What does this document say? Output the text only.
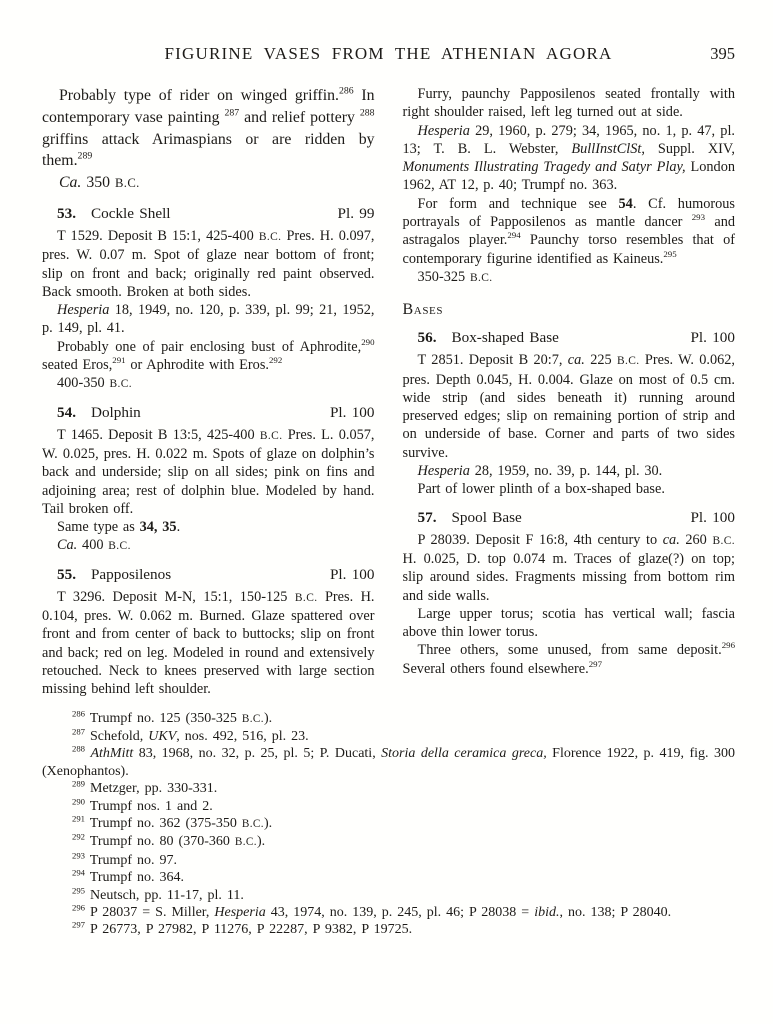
FIGURINE VASES FROM THE ATHENIAN AGORA	395

Probably type of rider on winged griffin.$^{286}$ In contemporary vase painting $^{287}$ and relief pottery $^{288}$ griffins attack Arimaspians or are ridden by them.$^{289}$

Ca. 350 B.C.

53. Cockle Shell	Pl. 99

T 1529. Deposit B 15:1, 425-400 B.C. Pres. H. 0.097, pres. W. 0.07 m. Spot of glaze near bottom of front; slip on front and back; originally red paint observed. Back smooth. Broken at both sides.

Hesperia 18, 1949, no. 120, p. 339, pl. 99; 21, 1952, p. 149, pl. 41.

Probably one of pair enclosing bust of Aphrodite,$^{290}$ seated Eros,$^{291}$ or Aphrodite with Eros.$^{292}$

400-350 B.C.

54. Dolphin	Pl. 100

T 1465. Deposit B 13:5, 425-400 B.C. Pres. L. 0.057, W. 0.025, pres. H. 0.022 m. Spots of glaze on dolphin’s back and underside; slip on all sides; pink on fins and adjoining area; rest of dolphin blue. Modeled by hand. Tail broken off.

Same type as 34, 35.

Ca. 400 B.C.

55. Papposilenos	Pl. 100

T 3296. Deposit M-N, 15:1, 150-125 B.C. Pres. H. 0.104, pres. W. 0.062 m. Burned. Glaze spattered over front and from center of back to buttocks; slip on front and back; red on leg. Modeled in round and extensively retouched. Neck to knees preserved with large section missing behind left shoulder.

Furry, paunchy Papposilenos seated frontally with right shoulder raised, left leg turned out at side.

Hesperia 29, 1960, p. 279; 34, 1965, no. 1, p. 47, pl. 13; T. B. L. Webster, BullInstClSt, Suppl. XIV, Monuments Illustrating Tragedy and Satyr Play, London 1962, AT 12, p. 40; Trumpf no. 363.

For form and technique see 54. Cf. humorous portrayals of Papposilenos as mantle dancer $^{293}$ and astragalos player.$^{294}$ Paunchy torso resembles that of contemporary figurine identified as Kaineus.$^{295}$

350-325 B.C.

Bases
56. Box-shaped Base	Pl. 100

T 2851. Deposit B 20:7, ca. 225 B.C. Pres. W. 0.062, pres. Depth 0.045, H. 0.004. Glaze on most of 0.5 cm. wide strip (and sides beneath it) running around preserved edges; slip on remaining portion of strip and on underside of base. Corner and parts of two sides survive.

Hesperia 28, 1959, no. 39, p. 144, pl. 30.

Part of lower plinth of a box-shaped base.

57. Spool Base	Pl. 100

P 28039. Deposit F 16:8, 4th century to ca. 260 B.C. H. 0.025, D. top 0.074 m. Traces of glaze(?) on top; slip around sides. Fragments missing from bottom rim and side walls.

Large upper torus; scotia has vertical wall; fascia above thin lower torus.

Three others, some unused, from same deposit.$^{296}$ Several others found elsewhere.$^{297}$

$^{286}$ Trumpf no. 125 (350-325 B.C.).

$^{287}$ Schefold, UKV, nos. 492, 516, pl. 23.

$^{288}$ AthMitt 83, 1968, no. 32, p. 25, pl. 5; P. Ducati, Storia della ceramica greca, Florence 1922, p. 419, fig. 300 (Xenophantos).

$^{289}$ Metzger, pp. 330-331.

$^{290}$ Trumpf nos. 1 and 2.

$^{291}$ Trumpf no. 362 (375-350 B.C.).

$^{292}$ Trumpf no. 80 (370-360 B.C.).

$^{293}$ Trumpf no. 97.

$^{294}$ Trumpf no. 364.

$^{295}$ Neutsch, pp. 11-17, pl. 11.

$^{296}$ P 28037 = S. Miller, Hesperia 43, 1974, no. 139, p. 245, pl. 46; P 28038 = ibid., no. 138; P 28040.

$^{297}$ P 26773, P 27982, P 11276, P 22287, P 9382, P 19725.
